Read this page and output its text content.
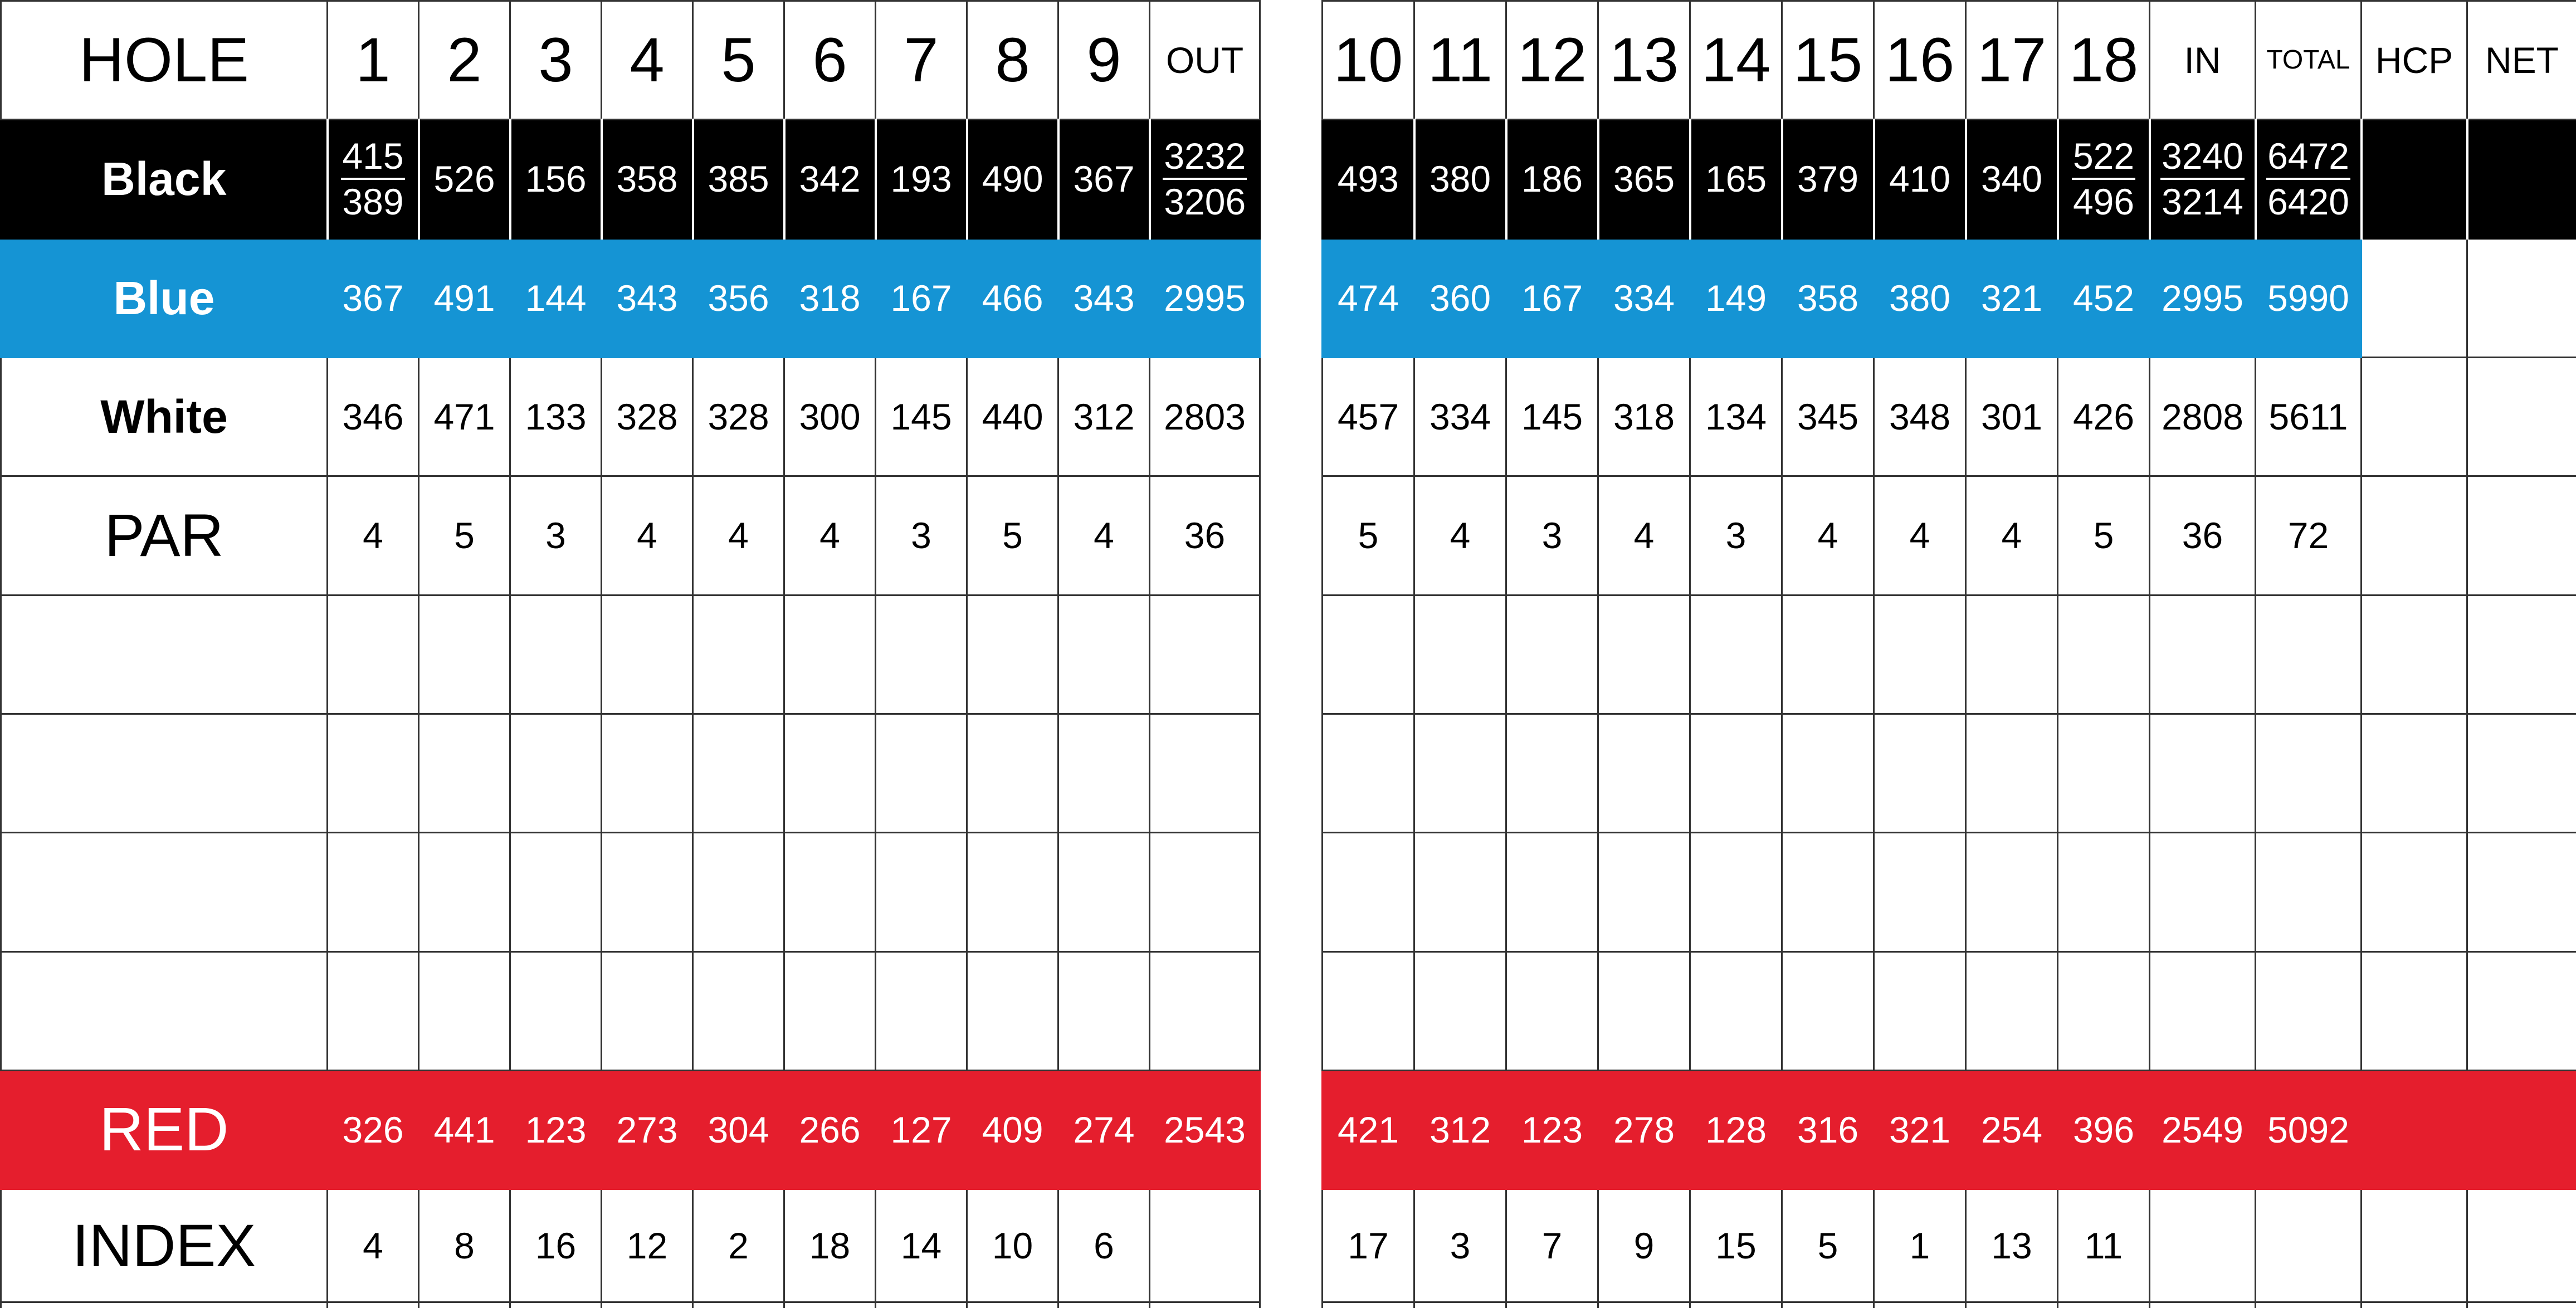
HOLE	1	2	3	4	5	6	7	8	9	OUT
Black	$\frac{415}{389}$	526	156	358	385	342	193	490	367	$\frac{3232}{3206}$

Blue	367	491	144	343	356	318	167	466	343	2995
White	346	471	133	328	328	300	145	440	312	2803
PAR	4	5	3	4	4	4	3	5	4	36

RED	326	441	123	273	304	266	127	409	274	2543
INDEX	4	8	16	12	2	18	14	10	6	

10	11	12	13	14	15	16	17	18	IN	TOTAL	HCP	NET
493	380	186	365	165	379	410	340	$\frac{522}{496}$	$\frac{3240}{3214}$	$\frac{6472}{6420}$

474	360	167	334	149	358	380	321	452	2995	5990		
457	334	145	318	134	345	348	301	426	2808	5611		
5	4	3	4	3	4	4	4	5	36	72		

421	312	123	278	128	316	321	254	396	2549	5092		
17	3	7	9	15	5	1	13	11				
